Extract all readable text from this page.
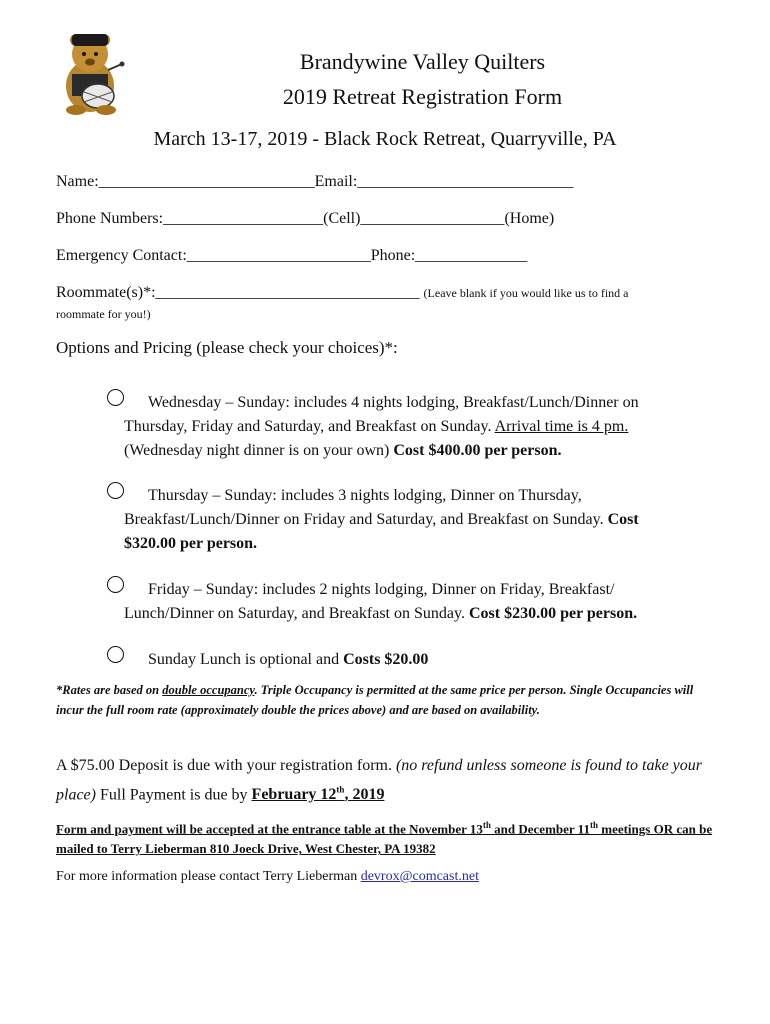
Brandywine Valley Quilters
2019 Retreat Registration Form
March 13-17, 2019 - Black Rock Retreat, Quarryville, PA
Name:___________________________Email:___________________________
Phone Numbers:____________________(Cell)__________________(Home)
Emergency Contact:_______________________Phone:______________
Roommate(s)*:_________________________________ (Leave blank if you would like us to find a
roommate for you!)
Options and Pricing (please check your choices)*:
Wednesday – Sunday: includes 4 nights lodging, Breakfast/Lunch/Dinner on
Thursday, Friday and Saturday, and Breakfast on Sunday. Arrival time is 4 pm.
(Wednesday night dinner is on your own) Cost $400.00 per person.
Thursday – Sunday: includes 3 nights lodging, Dinner on Thursday,
Breakfast/Lunch/Dinner on Friday and Saturday, and Breakfast on Sunday. Cost
$320.00 per person.
Friday – Sunday: includes 2 nights lodging, Dinner on Friday, Breakfast/
Lunch/Dinner on Saturday, and Breakfast on Sunday. Cost $230.00 per person.
Sunday Lunch is optional and Costs $20.00
*Rates are based on double occupancy. Triple Occupancy is permitted at the same price per person. Single Occupancies will incur the full room rate (approximately double the prices above) and are based on availability.
A $75.00 Deposit is due with your registration form. (no refund unless someone is found to take your place) Full Payment is due by February 12th, 2019
Form and payment will be accepted at the entrance table at the November 13th and December 11th meetings OR can be mailed to Terry Lieberman 810 Joeck Drive, West Chester, PA 19382
For more information please contact Terry Lieberman devrox@comcast.net
